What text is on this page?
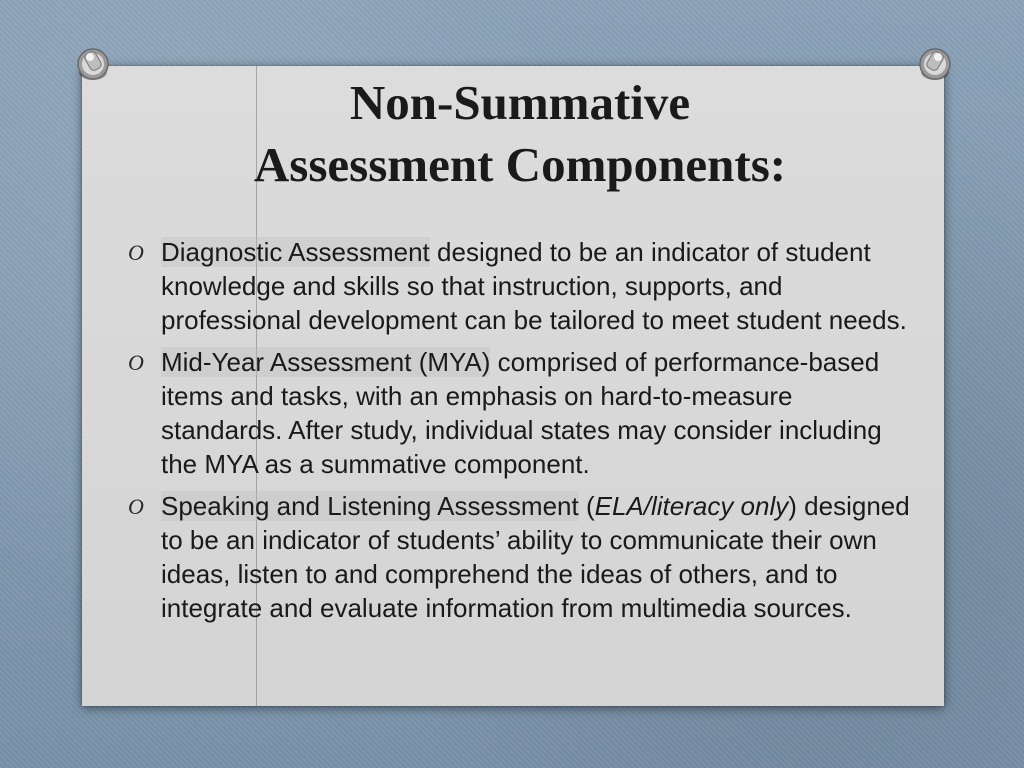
Non-Summative
Assessment Components:
O Diagnostic Assessment designed to be an indicator of student knowledge and skills so that instruction, supports, and professional development can be tailored to meet student needs.
O Mid-Year Assessment (MYA) comprised of performance-based items and tasks, with an emphasis on hard-to-measure standards. After study, individual states may consider including the MYA as a summative component.
O Speaking and Listening Assessment (ELA/literacy only) designed to be an indicator of students’ ability to communicate their own ideas, listen to and comprehend the ideas of others, and to integrate and evaluate information from multimedia sources.
